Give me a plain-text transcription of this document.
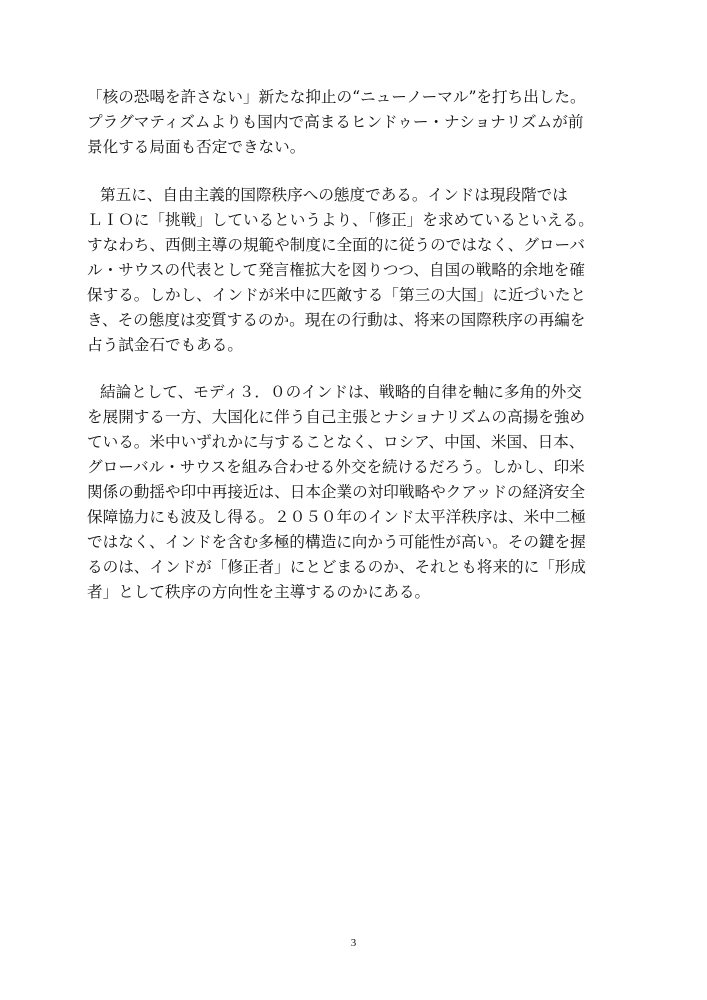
「核の恐喝を許さない」新たな抑止の“ニューノーマル”を打ち出した。
プラグマティズムよりも国内で高まるヒンドゥー・ナショナリズムが前
景化する局面も否定できない。
第五に、自由主義的国際秩序への態度である。インドは現段階では
ＬＩＯに「挑戦」しているというより、「修正」を求めているといえる。
すなわち、西側主導の規範や制度に全面的に従うのではなく、グローバ
ル・サウスの代表として発言権拡大を図りつつ、自国の戦略的余地を確
保する。しかし、インドが米中に匹敵する「第三の大国」に近づいたと
き、その態度は変質するのか。現在の行動は、将来の国際秩序の再編を
占う試金石でもある。
結論として、モディ３．０のインドは、戦略的自律を軸に多角的外交
を展開する一方、大国化に伴う自己主張とナショナリズムの高揚を強め
ている。米中いずれかに与することなく、ロシア、中国、米国、日本、
グローバル・サウスを組み合わせる外交を続けるだろう。しかし、印米
関係の動揺や印中再接近は、日本企業の対印戦略やクアッドの経済安全
保障協力にも波及し得る。２０５０年のインド太平洋秩序は、米中二極
ではなく、インドを含む多極的構造に向かう可能性が高い。その鍵を握
るのは、インドが「修正者」にとどまるのか、それとも将来的に「形成
者」として秩序の方向性を主導するのかにある。
3
